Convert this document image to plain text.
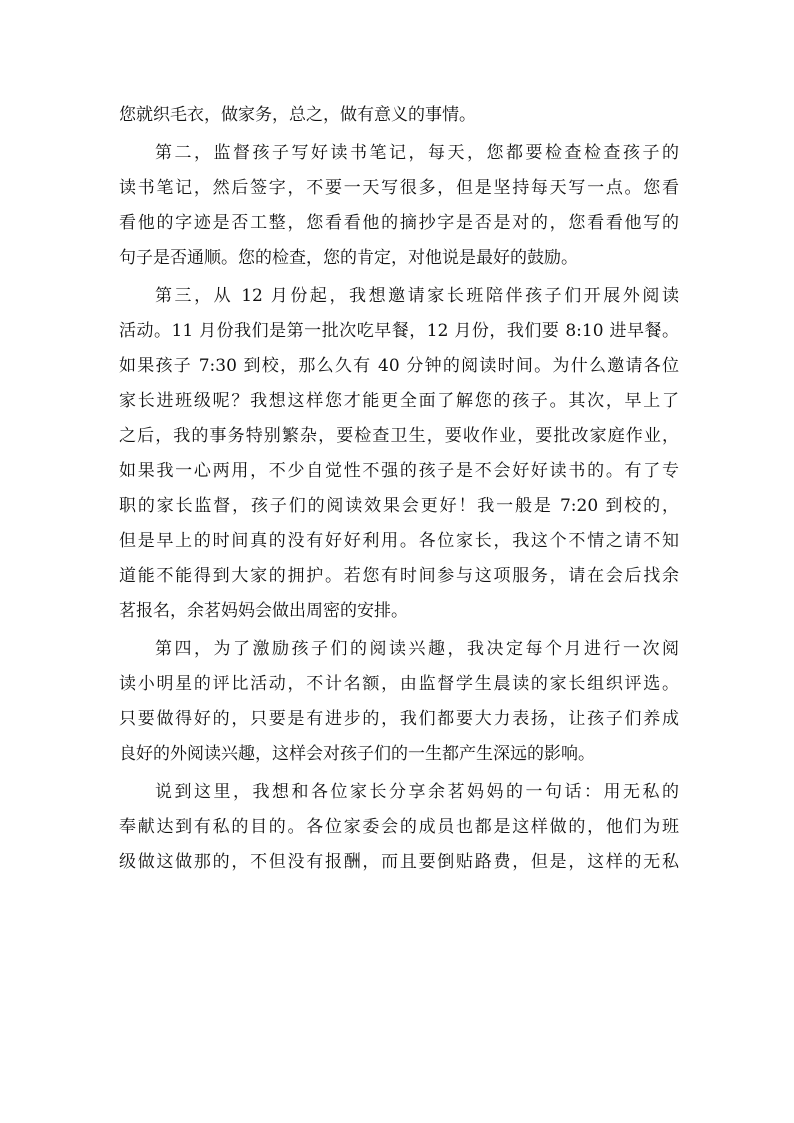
您就织毛衣，做家务，总之，做有意义的事情。
第二，监督孩子写好读书笔记，每天，您都要检查检查孩子的
读书笔记，然后签字，不要一天写很多，但是坚持每天写一点。您看
看他的字迹是否工整，您看看他的摘抄字是否是对的，您看看他写的
句子是否通顺。您的检查，您的肯定，对他说是最好的鼓励。
第三，从 12 月份起，我想邀请家长班陪伴孩子们开展外阅读
活动。11 月份我们是第一批次吃早餐，12 月份，我们要 8:10 进早餐。
如果孩子 7:30 到校，那么久有 40 分钟的阅读时间。为什么邀请各位
家长进班级呢？我想这样您才能更全面了解您的孩子。其次，早上了
之后，我的事务特别繁杂，要检查卫生，要收作业，要批改家庭作业，
如果我一心两用，不少自觉性不强的孩子是不会好好读书的。有了专
职的家长监督，孩子们的阅读效果会更好！我一般是 7:20 到校的，
但是早上的时间真的没有好好利用。各位家长，我这个不情之请不知
道能不能得到大家的拥护。若您有时间参与这项服务，请在会后找余
茗报名，余茗妈妈会做出周密的安排。
第四，为了激励孩子们的阅读兴趣，我决定每个月进行一次阅
读小明星的评比活动，不计名额，由监督学生晨读的家长组织评选。
只要做得好的，只要是有进步的，我们都要大力表扬，让孩子们养成
良好的外阅读兴趣，这样会对孩子们的一生都产生深远的影响。
说到这里，我想和各位家长分享余茗妈妈的一句话：用无私的
奉献达到有私的目的。各位家委会的成员也都是这样做的，他们为班
级做这做那的，不但没有报酬，而且要倒贴路费，但是，这样的无私
